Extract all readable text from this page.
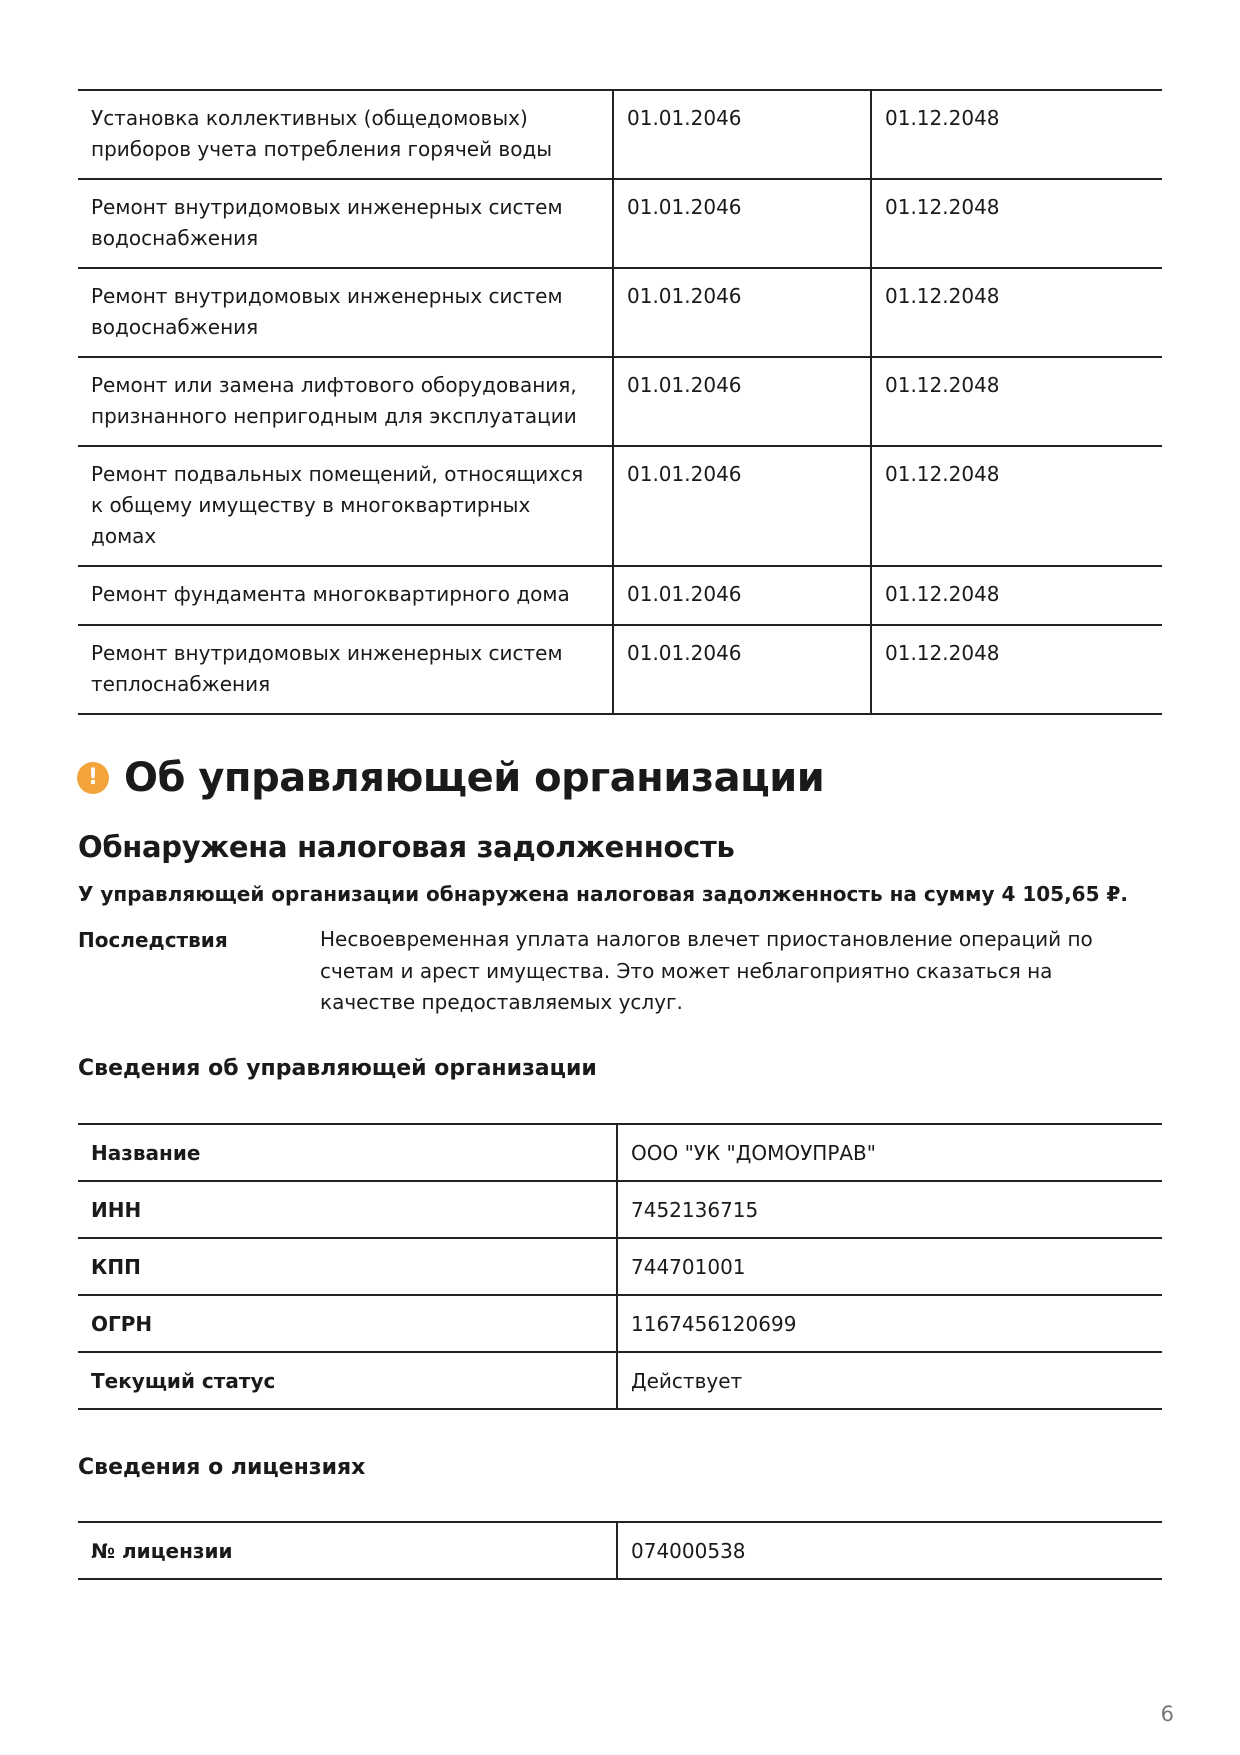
Установка коллективных (общедомовых) приборов учета потребления горячей воды	01.01.2046	01.12.2048
Ремонт внутридомовых инженерных систем водоснабжения	01.01.2046	01.12.2048
Ремонт внутридомовых инженерных систем водоснабжения	01.01.2046	01.12.2048
Ремонт или замена лифтового оборудования, признанного непригодным для эксплуатации	01.01.2046	01.12.2048
Ремонт подвальных помещений, относящихся к общему имуществу в многоквартирных домах	01.01.2046	01.12.2048
Ремонт фундамента многоквартирного дома	01.01.2046	01.12.2048
Ремонт внутридомовых инженерных систем теплоснабжения	01.01.2046	01.12.2048
! Об управляющей организации
Обнаружена налоговая задолженность
У управляющей организации обнаружена налоговая задолженность на сумму 4 105,65 ₽.
Последствия	Несвоевременная уплата налогов влечет приостановление операций по счетам и арест имущества. Это может неблагоприятно сказаться на качестве предоставляемых услуг.
Сведения об управляющей организации
Название	ООО "УК "ДОМОУПРАВ"
ИНН	7452136715
КПП	744701001
ОГРН	1167456120699
Текущий статус	Действует
Сведения о лицензиях
№ лицензии	074000538
6
